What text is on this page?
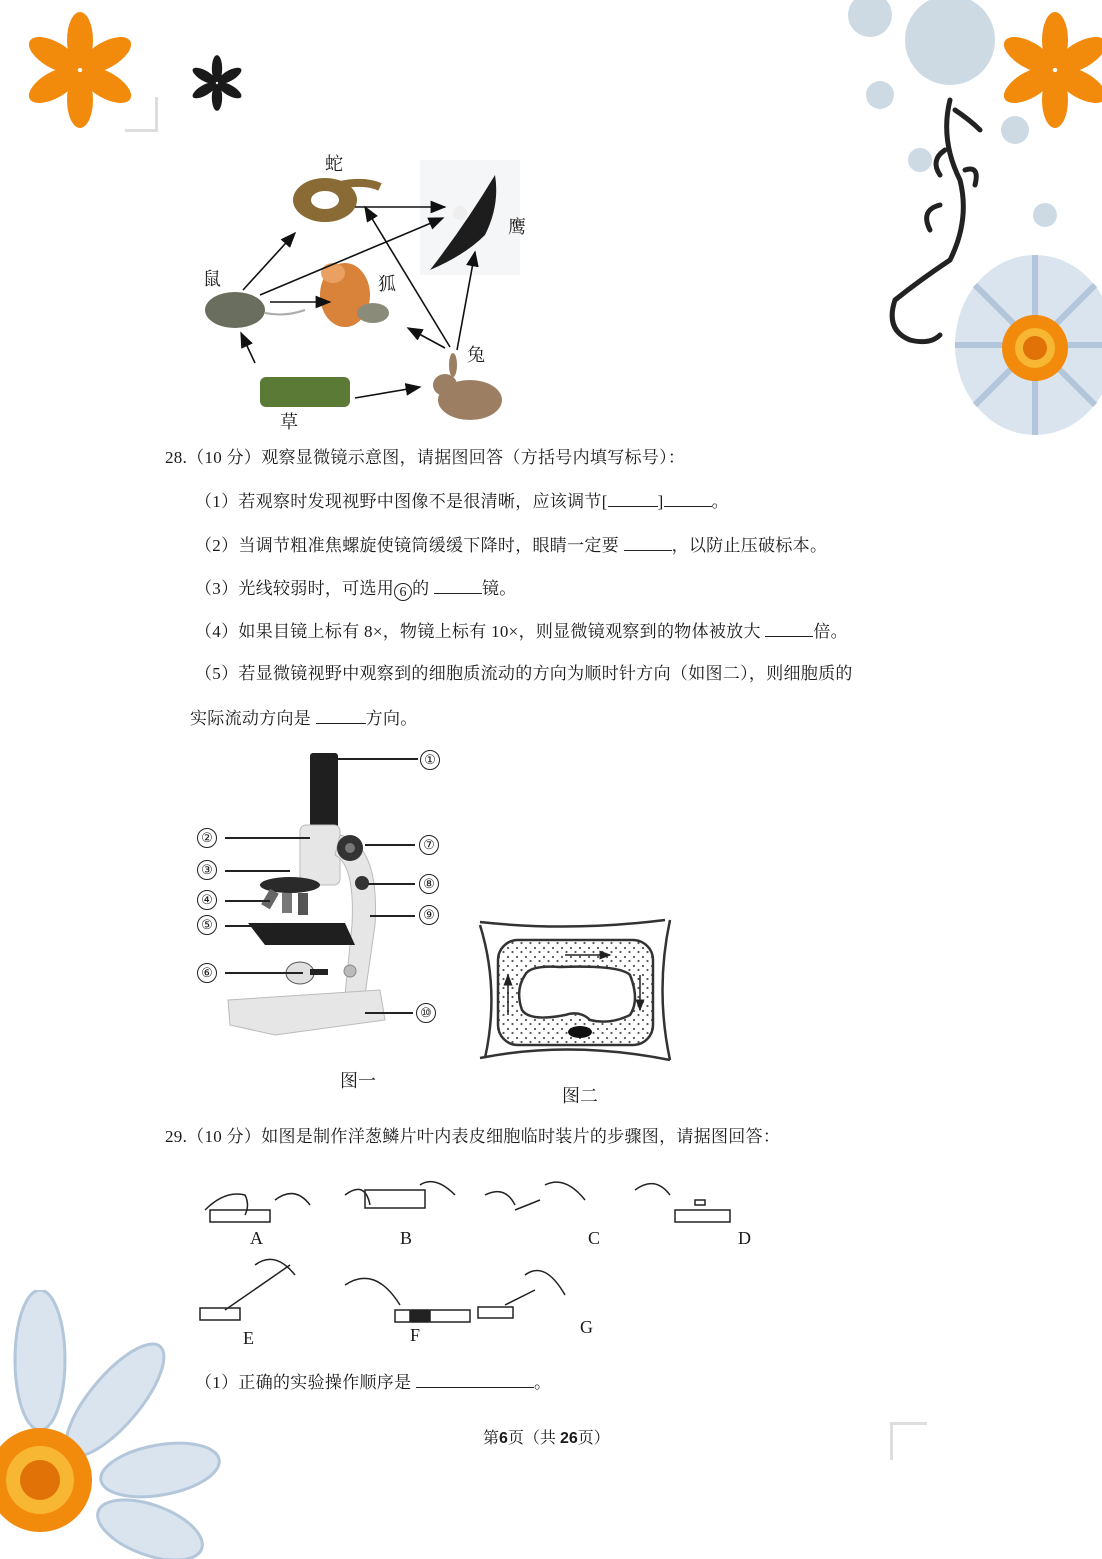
蛇
鹰
鼠	狐
兔
草
28.（10 分）观察显微镜示意图，请据图回答（方括号内填写标号）：
（1）若观察时发现视野中图像不是很清晰，应该调节[	]	。
（2）当调节粗准焦螺旋使镜筒缓缓下降时，眼睛一定要	，以防止压破标本。
（3）光线较弱时，可选用 6 的	镜。
（4）如果目镜上标有 8×，物镜上标有 10×，则显微镜观察到的物体被放大	倍。
（5）若显微镜视野中观察到的细胞质流动的方向为顺时针方向（如图二），则细胞质的
实际流动方向是	方向。
①
②
③
④
⑤
⑥
⑦
⑧
⑨
⑩
图一
图二
29.（10 分）如图是制作洋葱鳞片叶内表皮细胞临时装片的步骤图，请据图回答：
A	B	C	D
E	F	G
（1）正确的实验操作顺序是	。
第6页（共 26页）
